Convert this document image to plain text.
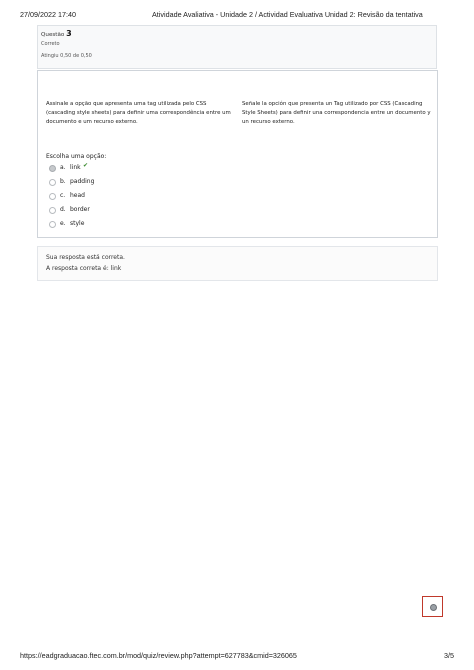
27/09/2022 17:40	Atividade Avaliativa - Unidade 2 / Actividad Evaluativa Unidad 2: Revisão da tentativa
Questão 3
Correto
Atingiu 0,50 de 0,50
Assinale a opção que apresenta uma tag utilizada pelo CSS (cascading style sheets) para definir uma correspondência entre um documento e um recurso externo.
Señale la opción que presenta un Tag utilizado por CSS (Cascading Style Sheets) para definir una correspondencia entre un documento y un recurso externo.
Escolha uma opção:
a. link ✔
b. padding
c. head
d. border
e. style
Sua resposta está correta.
A resposta correta é: link
https://eadgraduacao.ftec.com.br/mod/quiz/review.php?attempt=627783&cmid=326065	3/5
